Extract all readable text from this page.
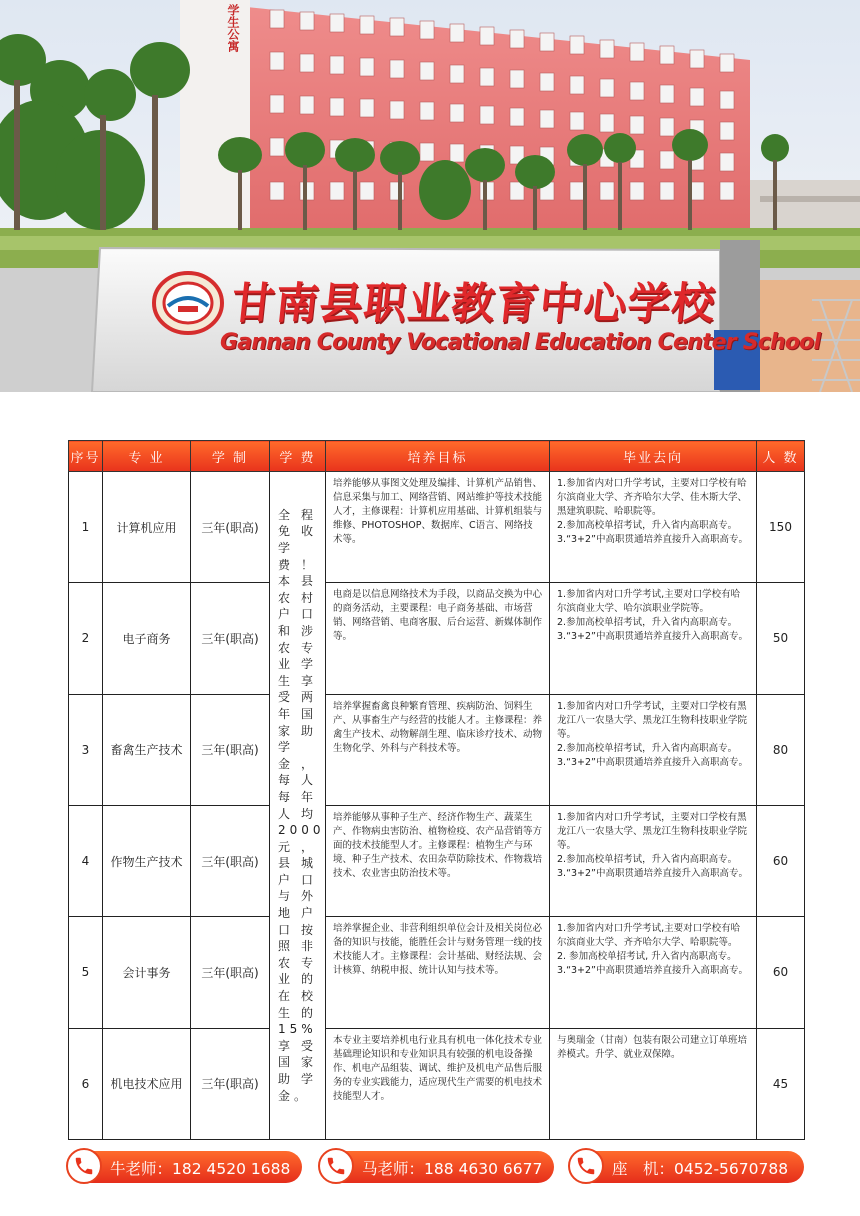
学生公寓
甘南县职业教育中心学校
Gannan County Vocational Education Center School
序号	专 业	学 制	学 费	培养目标	毕业去向	人 数
1	计算机应用	三年(职高)	全程免收学费！本县农村户口和涉农专业学生享受两年国家助学金，每人每年人均2000元，县城户口与外地户口按照非农专业的在校生的15%享受国家助学金。	培养能够从事图文处理及编排、计算机产品销售、信息采集与加工、网络营销、网站维护等技术技能人才，主修课程：计算机应用基础、计算机组装与维修、PHOTOSHOP、数据库、C语言、网络技术等。	1.参加省内对口升学考试，主要对口学校有哈尔滨商业大学、齐齐哈尔大学、佳木斯大学、黑建筑职院、哈职院等。
2.参加高校单招考试，升入省内高职高专。
3.“3+2”中高职贯通培养直接升入高职高专。	150
2	电子商务	三年(职高)		电商是以信息网络技术为手段，以商品交换为中心的商务活动，主要课程：电子商务基础、市场营销、网络营销、电商客服、后台运营、新媒体制作等。	1.参加省内对口升学考试,主要对口学校有哈尔滨商业大学、哈尔滨职业学院等。
2.参加高校单招考试，升入省内高职高专。
3.“3+2”中高职贯通培养直接升入高职高专。	50
3	畜禽生产技术	三年(职高)		培养掌握畜禽良种繁育管理、疾病防治、饲料生产、从事畜生产与经营的技能人才。主修课程：养禽生产技术、动物解剖生理、临床诊疗技术、动物生物化学、外科与产科技术等。	1.参加省内对口升学考试，主要对口学校有黑龙江八一农垦大学、黑龙江生物科技职业学院等。
2.参加高校单招考试，升入省内高职高专。
3.“3+2”中高职贯通培养直接升入高职高专。	80
4	作物生产技术	三年(职高)		培养能够从事种子生产、经济作物生产、蔬菜生产、作物病虫害防治、植物检疫、农产品营销等方面的技术技能型人才。主修课程：植物生产与环境、种子生产技术、农田杂草防除技术、作物栽培技术、农业害虫防治技术等。	1.参加省内对口升学考试，主要对口学校有黑龙江八一农垦大学、黑龙江生物科技职业学院等。
2.参加高校单招考试，升入省内高职高专。
3.“3+2”中高职贯通培养直接升入高职高专。	60
5	会计事务	三年(职高)		培养掌握企业、非营利组织单位会计及相关岗位必备的知识与技能，能胜任会计与财务管理一线的技术技能人才。主修课程：会计基础、财经法规、会计核算、纳税申报、统计认知与技术等。	1.参加省内对口升学考试,主要对口学校有哈尔滨商业大学、齐齐哈尔大学、哈职院等。
2. 参加高校单招考试, 升入省内高职高专。
3.“3+2”中高职贯通培养直接升入高职高专。	60
6	机电技术应用	三年(职高)		本专业主要培养机电行业具有机电一体化技术专业基础理论知识和专业知识具有较强的机电设备操作、机电产品组装、调试、维护及机电产品售后服务的专业实践能力，适应现代生产需要的机电技术技能型人才。	与奥瑞金（甘南）包装有限公司建立订单班培养模式。升学、就业双保障。	45
牛老师：182 4520 1688	马老师：188 4630 6677	座　机：0452-5670788
